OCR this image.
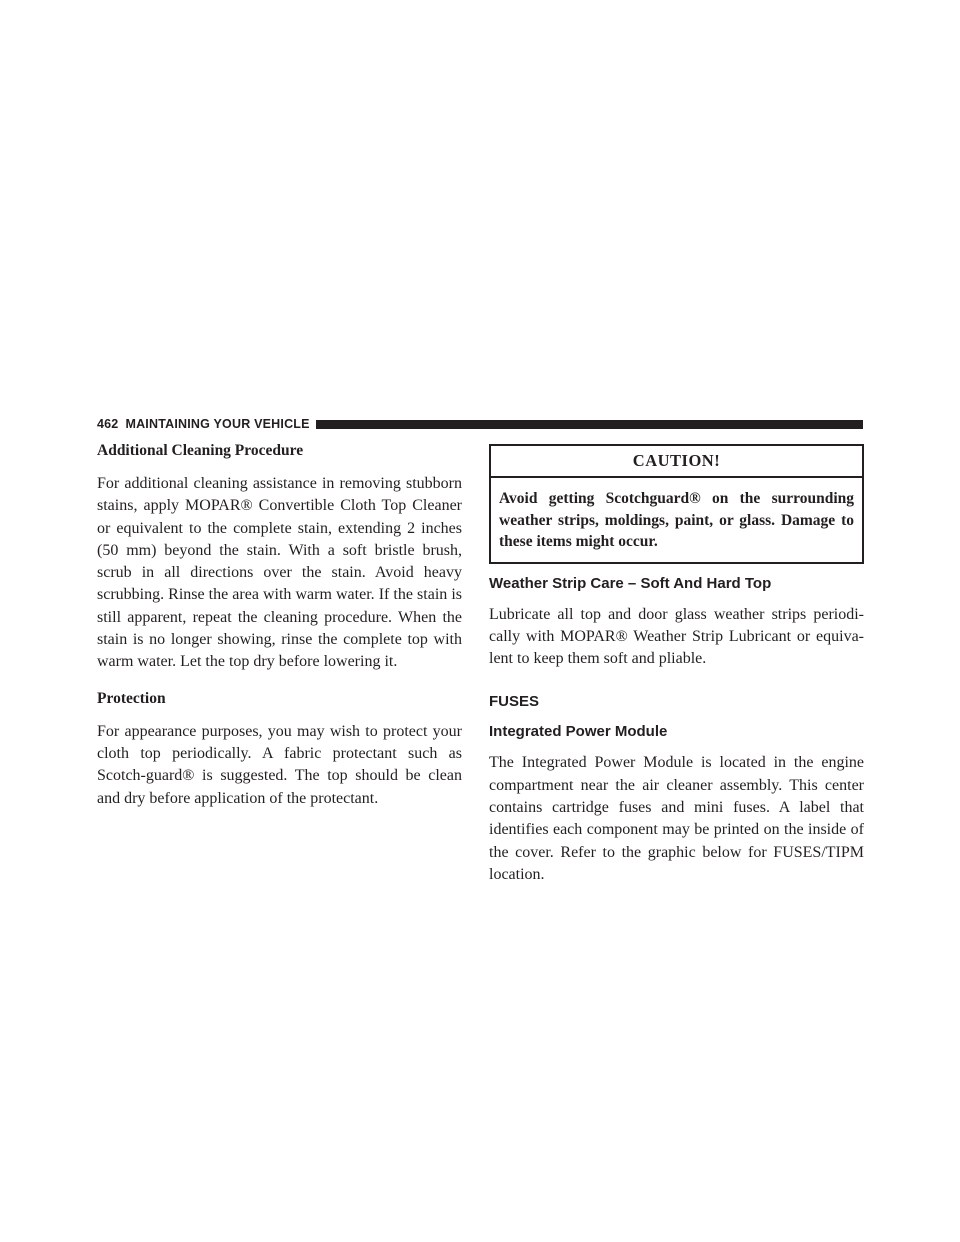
462 MAINTAINING YOUR VEHICLE
Additional Cleaning Procedure

For additional cleaning assistance in removing stubborn stains, apply MOPAR® Convertible Cloth Top Cleaner or equivalent to the complete stain, extending 2 inches (50 mm) beyond the stain. With a soft bristle brush, scrub in all directions over the stain. Avoid heavy scrubbing. Rinse the area with warm water. If the stain is still apparent, repeat the cleaning procedure. When the stain is no longer showing, rinse the complete top with warm water. Let the top dry before lowering it.

Protection

For appearance purposes, you may wish to protect your cloth top periodically. A fabric protectant such as Scotch-guard® is suggested. The top should be clean and dry before application of the protectant.

CAUTION!

Avoid getting Scotchguard® on the surrounding weather strips, moldings, paint, or glass. Damage to these items might occur.

Weather Strip Care – Soft And Hard Top

Lubricate all top and door glass weather strips periodi-cally with MOPAR® Weather Strip Lubricant or equiva-lent to keep them soft and pliable.

FUSES
Integrated Power Module

The Integrated Power Module is located in the engine compartment near the air cleaner assembly. This center contains cartridge fuses and mini fuses. A label that identifies each component may be printed on the inside of the cover. Refer to the graphic below for FUSES/TIPM location.
